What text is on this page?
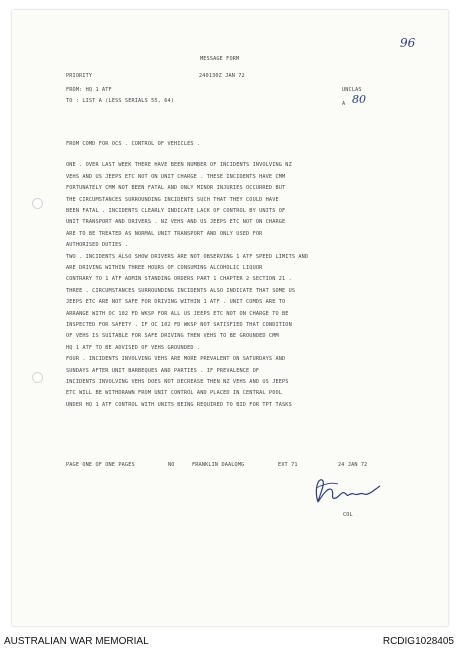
96
MESSAGE FORM
PRIORITY	240130Z JAN 72
FROM: HQ 1 ATF	UNCLAS
TO : LIST A (LESS SERIALS 55, 64)	A 80
FROM COMD FOR OCS . CONTROL OF VEHICLES .
ONE . OVER LAST WEEK THERE HAVE BEEN NUMBER OF INCIDENTS INVOLVING NZ
VEHS AND US JEEPS ETC NOT ON UNIT CHARGE . THESE INCIDENTS HAVE CMM
FORTUNATELY CMM NOT BEEN FATAL AND ONLY MINOR INJURIES OCCURRED BUT
THE CIRCUMSTANCES SURROUNDING INCIDENTS SUCH THAT THEY COULD HAVE
BEEN FATAL . INCIDENTS CLEARLY INDICATE LACK OF CONTROL BY UNITS OF
UNIT TRANSPORT AND DRIVERS . NZ VEHS AND US JEEPS ETC NOT ON CHARGE
ARE TO BE TREATED AS NORMAL UNIT TRANSPORT AND ONLY USED FOR
AUTHORISED DUTIES .
TWO . INCIDENTS ALSO SHOW DRIVERS ARE NOT OBSERVING 1 ATF SPEED LIMITS AND
ARE DRIVING WITHIN THREE HOURS OF CONSUMING ALCOHOLIC LIQUOR
CONTRARY TO 1 ATF ADMIN STANDING ORDERS PART 1 CHAPTER 2 SECTION 21 .
THREE . CIRCUMSTANCES SURROUNDING INCIDENTS ALSO INDICATE THAT SOME US
JEEPS ETC ARE NOT SAFE FOR DRIVING WITHIN 1 ATF . UNIT COMDS ARE TO
ARRANGE WITH OC 102 FD WKSP FOR ALL US JEEPS ETC NOT ON CHARGE TO BE
INSPECTED FOR SAFETY . IF OC 102 FD WKSP NOT SATISFIED THAT CONDITION
OF VEHS IS SUITABLE FOR SAFE DRIVING THEN VEHS TO BE GROUNDED CMM
HQ 1 ATF TO BE ADVISED OF VEHS GROUNDED .
FOUR . INCIDENTS INVOLVING VEHS ARE MORE PREVALENT ON SATURDAYS AND
SUNDAYS AFTER UNIT BARBEQUES AND PARTIES . IF PREVALENCE OF
INCIDENTS INVOLVING VEHS DOES NOT DECREASE THEN NZ VEHS AND US JEEPS
ETC WILL BE WITHDRAWN FROM UNIT CONTROL AND PLACED IN CENTRAL POOL
UNDER HQ 1 ATF CONTROL WITH UNITS BEING REQUIRED TO BID FOR TPT TASKS
PAGE ONE OF ONE PAGES	NO	FRANKLIN DAALQMG	EXT 71	24 JAN 72
COL
AUSTRALIAN WAR MEMORIAL	RCDIG1028405
